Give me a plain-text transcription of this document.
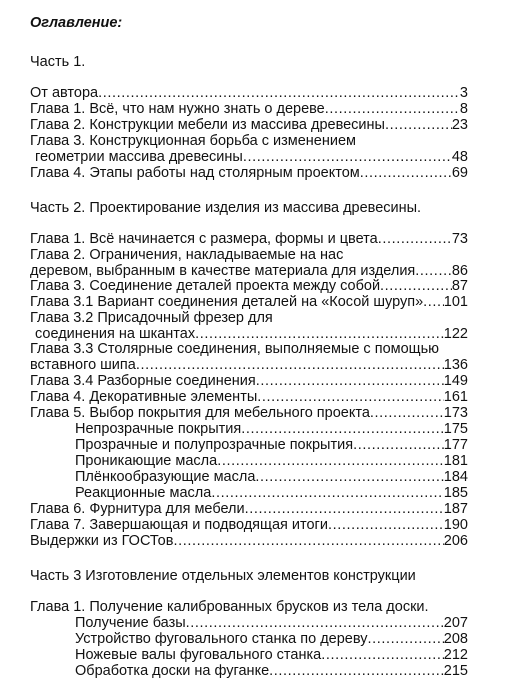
Оглавление:
Часть 1.
От автора .....	3
Глава 1. Всё, что нам нужно знать о дереве .....	8
Глава 2. Конструкции мебели из массива древесины .....	23
Глава 3. Конструкционная борьба с изменением
геометрии массива древесины .....	48
Глава 4. Этапы работы над столярным проектом .....	69
Часть 2. Проектирование изделия из массива древесины.
Глава 1. Всё начинается с размера, формы и цвета .....	73
Глава 2. Ограничения, накладываемые на нас
деревом, выбранным в качестве материала для изделия .....	86
Глава 3. Соединение деталей проекта между собой .....	87
Глава 3.1 Вариант соединения деталей на «Косой шуруп» ..... 101
Глава 3.2 Присадочный фрезер для
соединения на шкантах .....	122
Глава 3.3 Столярные соединения, выполняемые с помощью
вставного шипа .....	136
Глава 3.4 Разборные соединения .....	149
Глава 4. Декоративные элементы .....	161
Глава 5. Выбор покрытия для мебельного проекта .....	173
Непрозрачные покрытия .....	175
Прозрачные и полупрозрачные покрытия .....	177
Проникающие масла .....	181
Плёнкообразующие масла .....	184
Реакционные масла .....	185
Глава 6. Фурнитура для мебели .....	187
Глава 7. Завершающая и подводящая итоги .....	190
Выдержки из ГОСТов .....	206
Часть 3 Изготовление отдельных элементов конструкции
Глава 1. Получение калиброванных брусков из тела доски.
Получение базы .....	207
Устройство фуговального станка по дереву .....	208
Ножевые валы фуговального станка .....	212
Обработка доски на фуганке .....	215
